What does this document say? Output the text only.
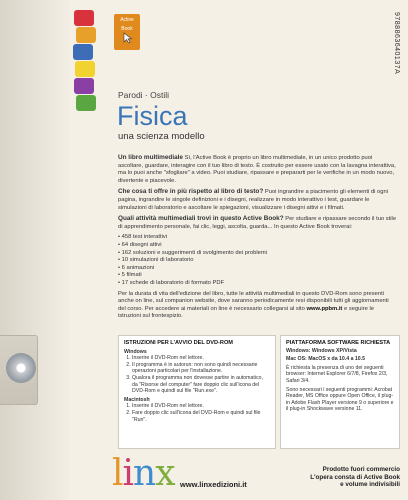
Active
Book	9788863640137A
Parodi · Ostili
Fisica
una scienza modello

Un libro multimediale Sì, l'Active Book è proprio un libro multimediale, in un unico prodotto puoi ascoltare, guardare, interagire con il tuo libro di testo. È costruito per essere usato con la lavagna interattiva, ma lo puoi anche "sfogliare" a video. Puoi studiare, ripassare e prepararti per le verifiche in un modo nuovo, divertente e piacevole.

Che cosa ti offre in più rispetto al libro di testo? Puoi ingrandire a piacimento gli elementi di ogni pagina, ingrandire le singole definizioni e i disegni, realizzare in modo interattivo i test, guardare le simulazioni di laboratorio e ascoltare le spiegazioni, visualizzare i disegni attivi e i filmati.

Quali attività multimediali trovi in questo Active Book? Per studiare e ripassare secondo il tuo stile di apprendimento personale, fai clic, leggi, ascolta, guarda... In questo Active Book troverai:

• 458 test interattivi
• 64 disegni attivi
• 162 soluzioni e suggerimenti di svolgimento dei problemi
• 10 simulazioni di laboratorio
• 6 animazioni
• 5 filmati
• 17 schede di laboratorio di formato PDF

Per la durata di vita dell'edizione del libro, tutte le attività multimediali in questo DVD-Rom sono presenti anche on line, sul companion website, dove saranno periodicamente resi disponibili tutti gli aggiornamenti del corso. Per accedere ai materiali on line è necessario collegarsi al sito www.ppbm.it e seguire le istruzioni sul frontespizio.

ISTRUZIONI PER L'AVVIO DEL DVD-ROM
Windows
1. Inserire il DVD-Rom nel lettore.
2. Il programma è in autorun: non sono quindi necessarie operazioni particolari per l'installazione.
3. Qualora il programma non dovesse partire in automatico, da "Risorse del computer" fare doppio clic sull'icona del DVD-Rom e quindi sul file "Run.exe".
Macintosh
1. Inserire il DVD-Rom nel lettore.
2. Fare doppio clic sull'icona del DVD-Rom e quindi sul file "Run".
PIATTAFORMA SOFTWARE RICHIESTA

Windows: Windows XP/Vista

Mac OS: MacOS x da 10.4 a 10.5

È richiesta la presenza di uno dei seguenti browser: Internet Explorer 6/7/8, Firefox 2/3, Safari 3/4.

Sono necessari i seguenti programmi: Acrobat Reader, MS Office oppure Open Office, il plug-in Adobe Flash Player versione 9 o superiore e il plug-in Shockwave versione 11.

linx www.linxedizioni.it
Prodotto fuori commercio
L'opera consta di Active Book
e volume indivisibili
